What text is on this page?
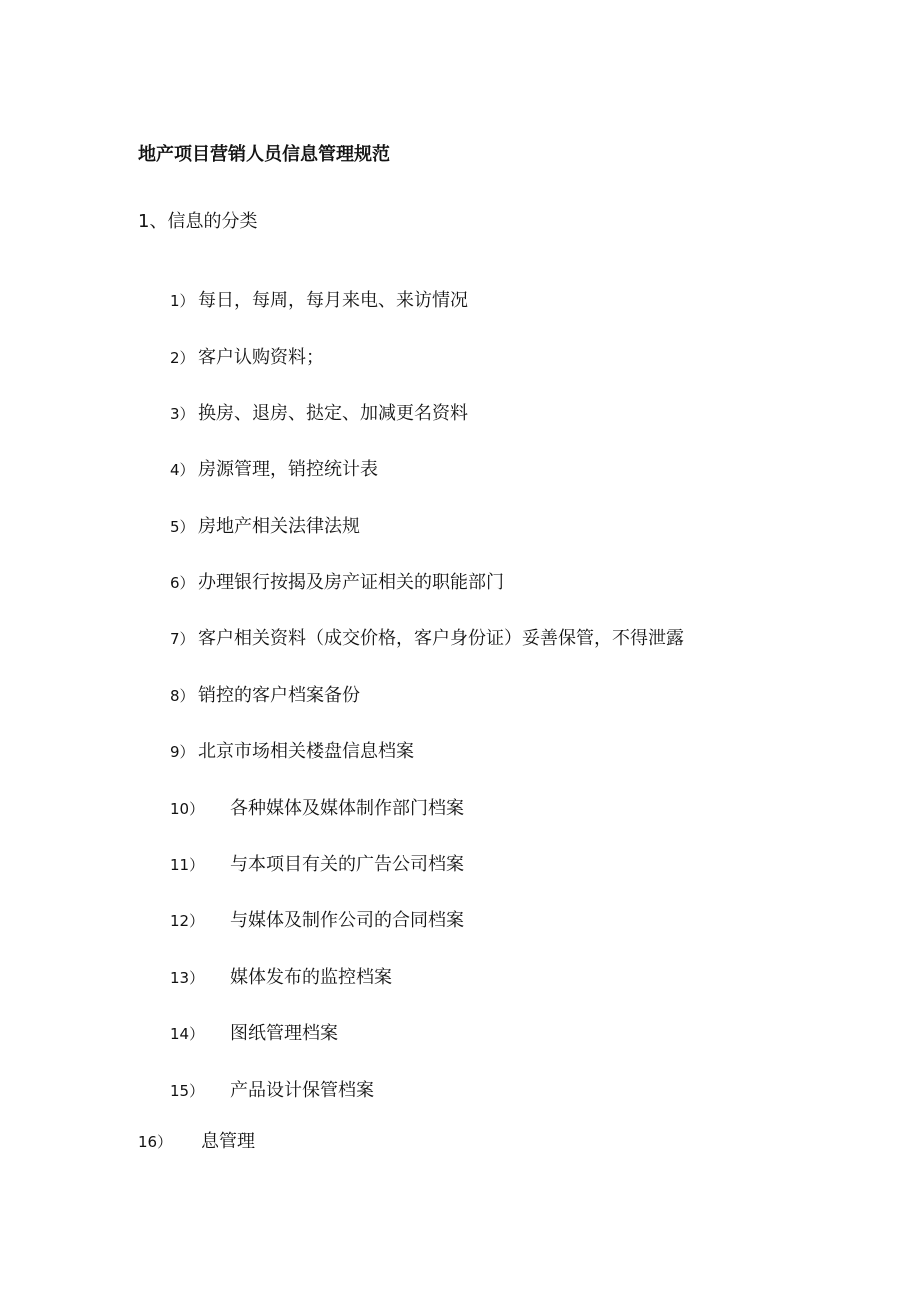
地产项目营销人员信息管理规范
1、信息的分类
1） 每日，每周，每月来电、来访情况
2） 客户认购资料；
3） 换房、退房、挞定、加减更名资料
4） 房源管理，销控统计表
5） 房地产相关法律法规
6） 办理银行按揭及房产证相关的职能部门
7） 客户相关资料（成交价格，客户身份证）妥善保管，不得泄露
8） 销控的客户档案备份
9） 北京市场相关楼盘信息档案
10） 各种媒体及媒体制作部门档案
11） 与本项目有关的广告公司档案
12） 与媒体及制作公司的合同档案
13） 媒体发布的监控档案
14） 图纸管理档案
15） 产品设计保管档案
16） 息管理
